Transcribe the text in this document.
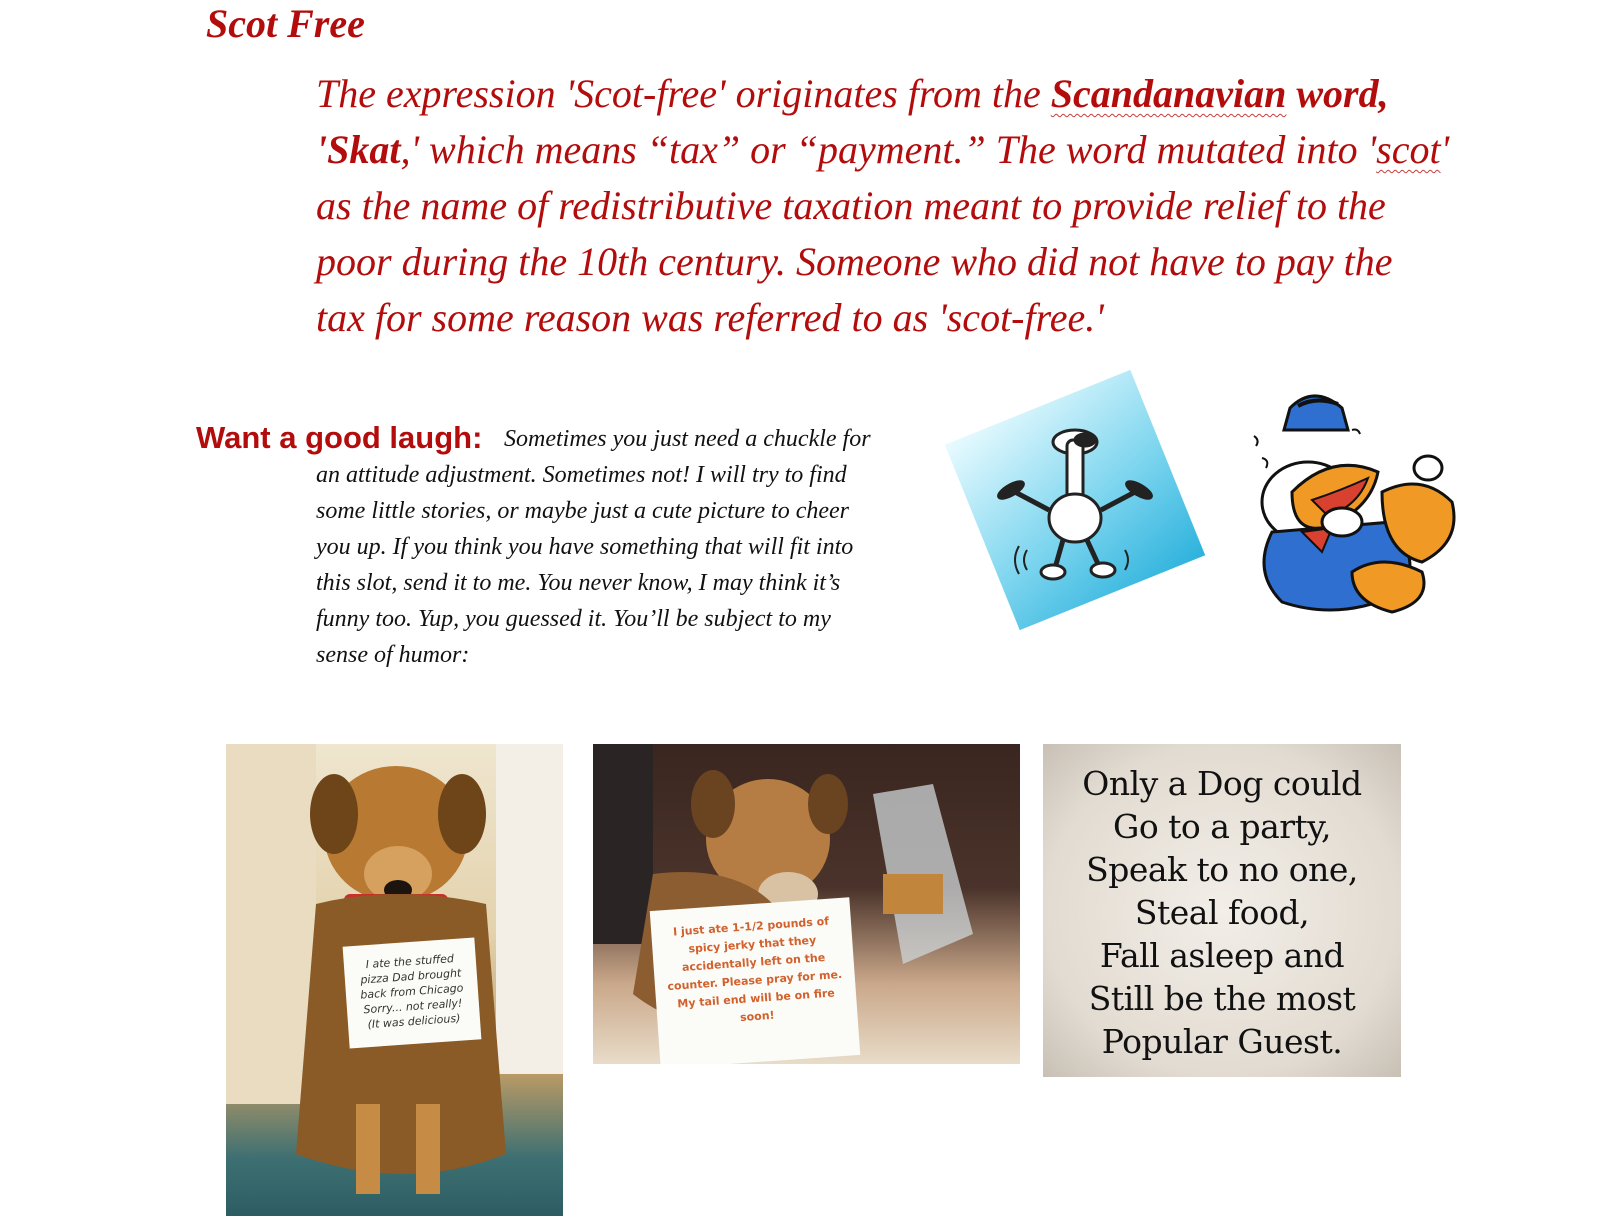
Scot Free
The expression 'Scot-free' originates from the Scandanavian word,
'Skat,' which means “tax” or “payment.” The word mutated into 'scot'
as the name of redistributive taxation meant to provide relief to the
poor during the 10th century. Someone who did not have to pay the
tax for some reason was referred to as 'scot-free.'
Want a good laugh: Sometimes you just need a chuckle for
an attitude adjustment. Sometimes not! I will try to find
some little stories, or maybe just a cute picture to cheer
you up. If you think you have something that will fit into
this slot, send it to me. You never know, I may think it’s
funny too. Yup, you guessed it. You’ll be subject to my
sense of humor:
I ate the stuffed
pizza Dad brought
back from Chicago
Sorry... not really!
(It was delicious)
I just ate 1-1/2 pounds of
spicy jerky that they
accidentally left on the
counter. Please pray for me.
My tail end will be on fire
soon!
Only a Dog could
Go to a party,
Speak to no one,
Steal food,
Fall asleep and
Still be the most
Popular Guest.
